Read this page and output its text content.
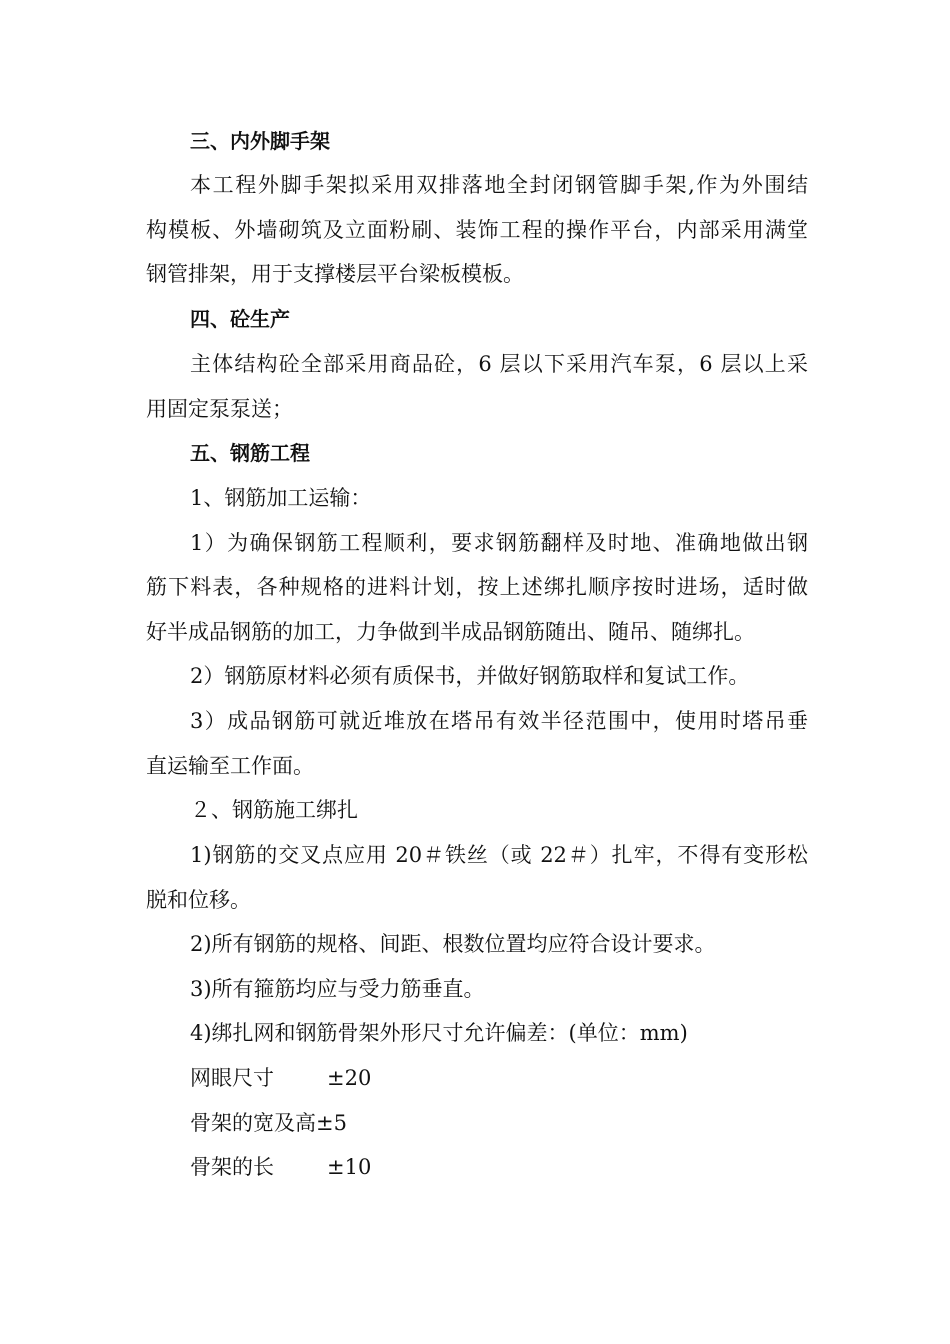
三、内外脚手架
本工程外脚手架拟采用双排落地全封闭钢管脚手架,作为外围结
构模板、外墙砌筑及立面粉刷、装饰工程的操作平台，内部采用满堂
钢管排架，用于支撑楼层平台梁板模板。
四、砼生产
主体结构砼全部采用商品砼，6 层以下采用汽车泵，6 层以上采
用固定泵泵送；
五、钢筋工程
1、钢筋加工运输：
1）为确保钢筋工程顺利，要求钢筋翻样及时地、准确地做出钢
筋下料表，各种规格的进料计划，按上述绑扎顺序按时进场，适时做
好半成品钢筋的加工，力争做到半成品钢筋随出、随吊、随绑扎。
2）钢筋原材料必须有质保书，并做好钢筋取样和复试工作。
3）成品钢筋可就近堆放在塔吊有效半径范围中，使用时塔吊垂
直运输至工作面。
２、钢筋施工绑扎
1)钢筋的交叉点应用 20＃铁丝（或 22＃）扎牢，不得有变形松
脱和位移。
2)所有钢筋的规格、间距、根数位置均应符合设计要求。
3)所有箍筋均应与受力筋垂直。
4)绑扎网和钢筋骨架外形尺寸允许偏差：(单位：mm)
网眼尺寸	±20
骨架的宽及高±5
骨架的长	±10
